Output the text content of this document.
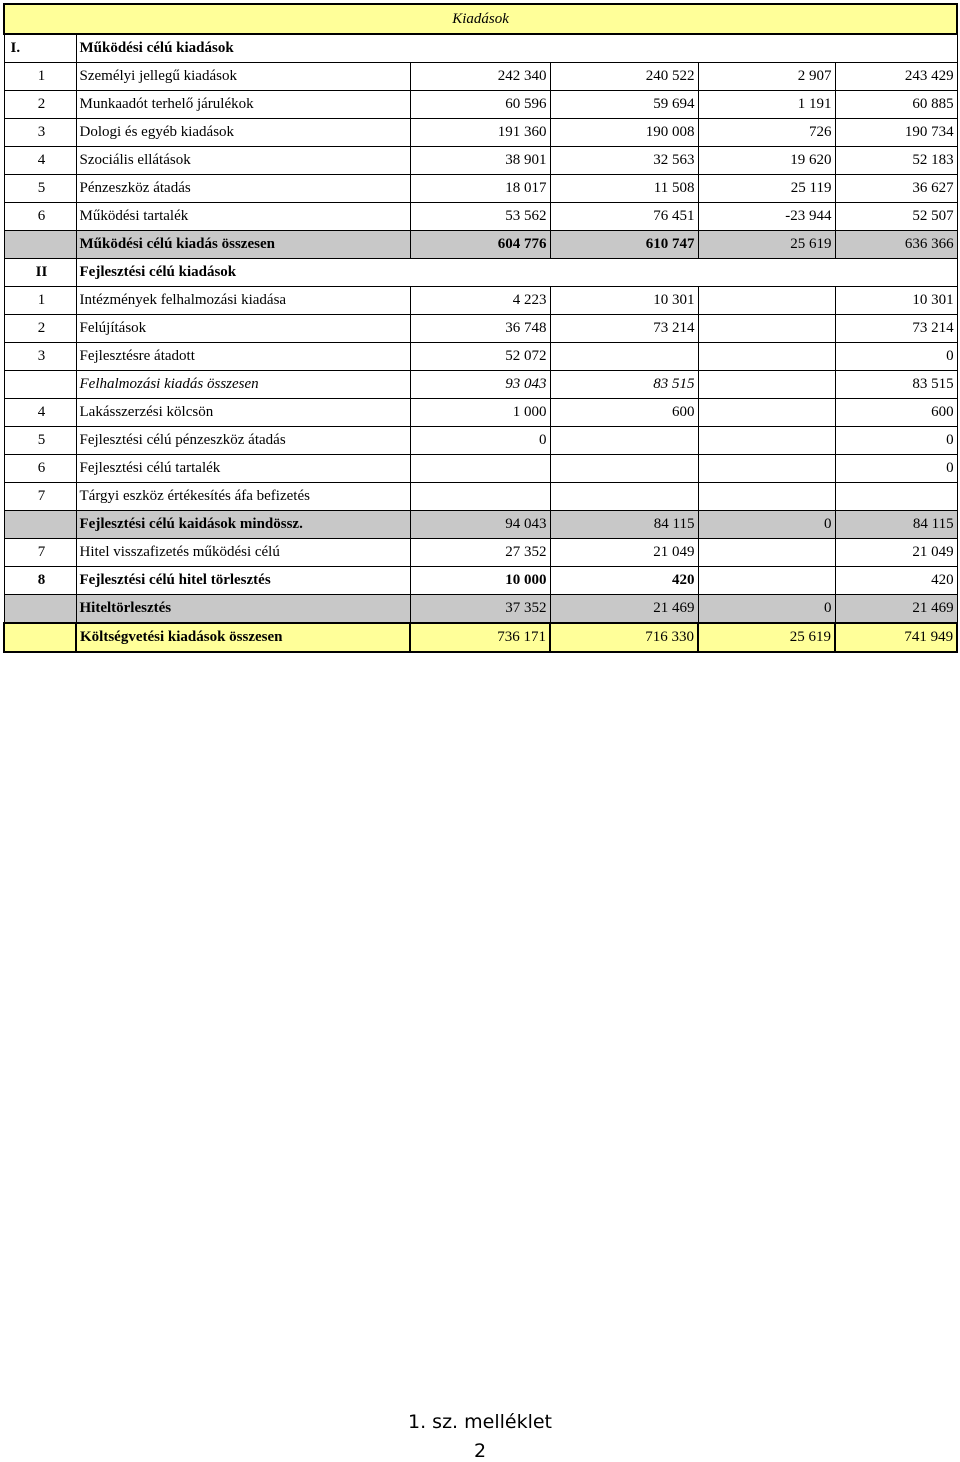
Kiadások					
I.	Működési célú kiadások				
1	Személyi jellegű kiadások	242 340	240 522	2 907	243 429
2	Munkaadót terhelő járulékok	60 596	59 694	1 191	60 885
3	Dologi és egyéb kiadások	191 360	190 008	726	190 734
4	Szociális ellátások	38 901	32 563	19 620	52 183
5	Pénzeszköz átadás	18 017	11 508	25 119	36 627
6	Működési tartalék	53 562	76 451	-23 944	52 507
	Működési célú kiadás összesen	604 776	610 747	25 619	636 366
II	Fejlesztési célú kiadások				
1	Intézmények felhalmozási kiadása	4 223	10 301		10 301
2	Felújítások	36 748	73 214		73 214
3	Fejlesztésre átadott	52 072			0
	Felhalmozási kiadás összesen	93 043	83 515		83 515
4	Lakásszerzési kölcsön	1 000	600		600
5	Fejlesztési célú pénzeszköz átadás	0			0
6	Fejlesztési célú tartalék				0
7	Tárgyi eszköz értékesítés áfa befizetés				
	Fejlesztési célú kaidások mindössz.	94 043	84 115	0	84 115
7	Hitel visszafizetés működési célú	27 352	21 049		21 049
8	Fejlesztési célú hitel törlesztés	10 000	420		420
	Hiteltörlesztés	37 352	21 469	0	21 469
	Költségvetési kiadások összesen	736 171	716 330	25 619	741 949
1. sz. melléklet
2
